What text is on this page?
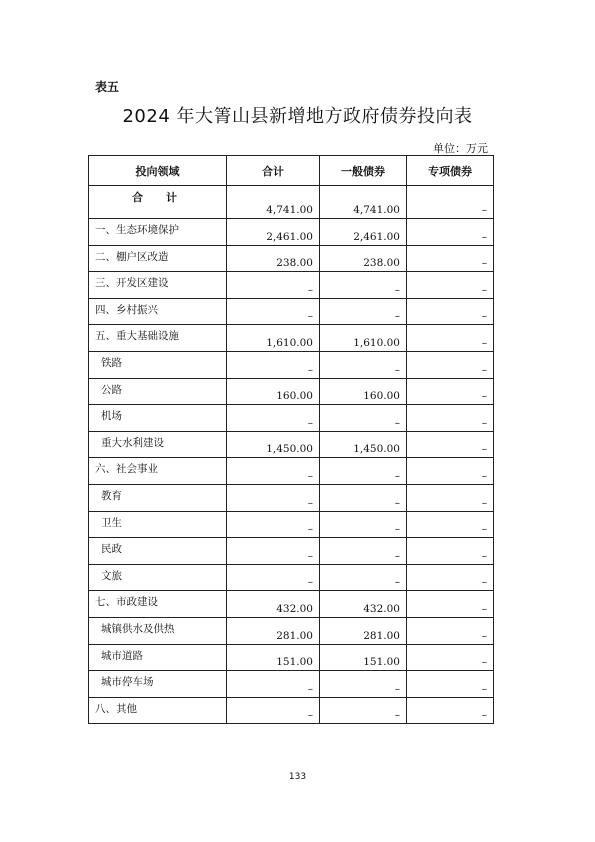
表五
2024 年大箐山县新增地方政府债券投向表
单位：万元
投向领域	合计	一般债券	专项债券
合　计	4,741.00	4,741.00	–
一、生态环境保护	2,461.00	2,461.00	–
二、棚户区改造	238.00	238.00	–
三、开发区建设	–	–	–
四、乡村振兴	–	–	–
五、重大基础设施	1,610.00	1,610.00	–
铁路	–	–	–
公路	160.00	160.00	–
机场	–	–	–
重大水利建设	1,450.00	1,450.00	–
六、社会事业	–	–	–
教育	–	–	–
卫生	–	–	–
民政	–	–	–
文旅	–	–	–
七、市政建设	432.00	432.00	–
城镇供水及供热	281.00	281.00	–
城市道路	151.00	151.00	–
城市停车场	–	–	–
八、其他	–	–	–
133
